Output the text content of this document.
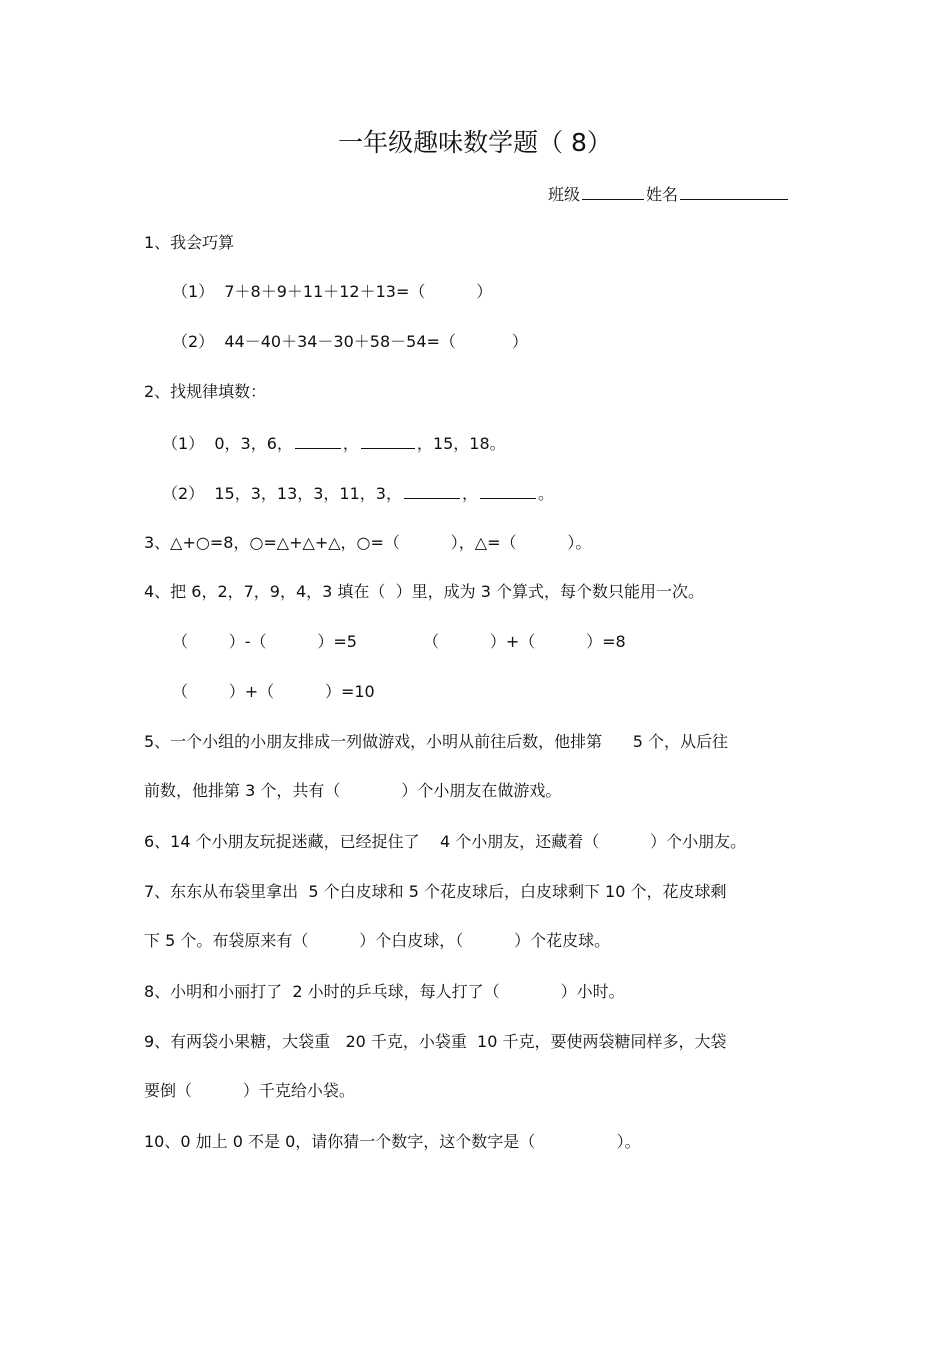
一年级趣味数学题（ 8）
班级	姓名
1、我会巧算
（1）  7＋8＋9＋11＋12＋13=（          ）
（2）  44－40＋34－30＋58－54=（           ）
2、找规律填数：
（1）  0，3，6，	，	，15，18。
（2）  15，3，13，3，11，3，	，	。
3、△+○=8，○=△+△+△，○=（          ），△=（          ）。
4、把 6，2，7，9，4，3 填在（  ）里，成为 3 个算式，每个数只能用一次。
（        ）-（          ）=5             （          ）+（          ）=8
（        ）+（          ）=10
5、一个小组的小朋友排成一列做游戏，小明从前往后数，他排第      5 个，从后往
前数，他排第 3 个，共有（            ）个小朋友在做游戏。
6、14 个小朋友玩捉迷藏，已经捉住了    4 个小朋友，还藏着（          ）个小朋友。
7、东东从布袋里拿出  5 个白皮球和 5 个花皮球后，白皮球剩下 10 个，花皮球剩
下 5 个。布袋原来有（          ）个白皮球，（          ）个花皮球。
8、小明和小丽打了  2 小时的乒乓球，每人打了（            ）小时。
9、有两袋小果糖，大袋重   20 千克，小袋重  10 千克，要使两袋糖同样多，大袋
要倒（          ）千克给小袋。
10、0 加上 0 不是 0，请你猜一个数字，这个数字是（                ）。
